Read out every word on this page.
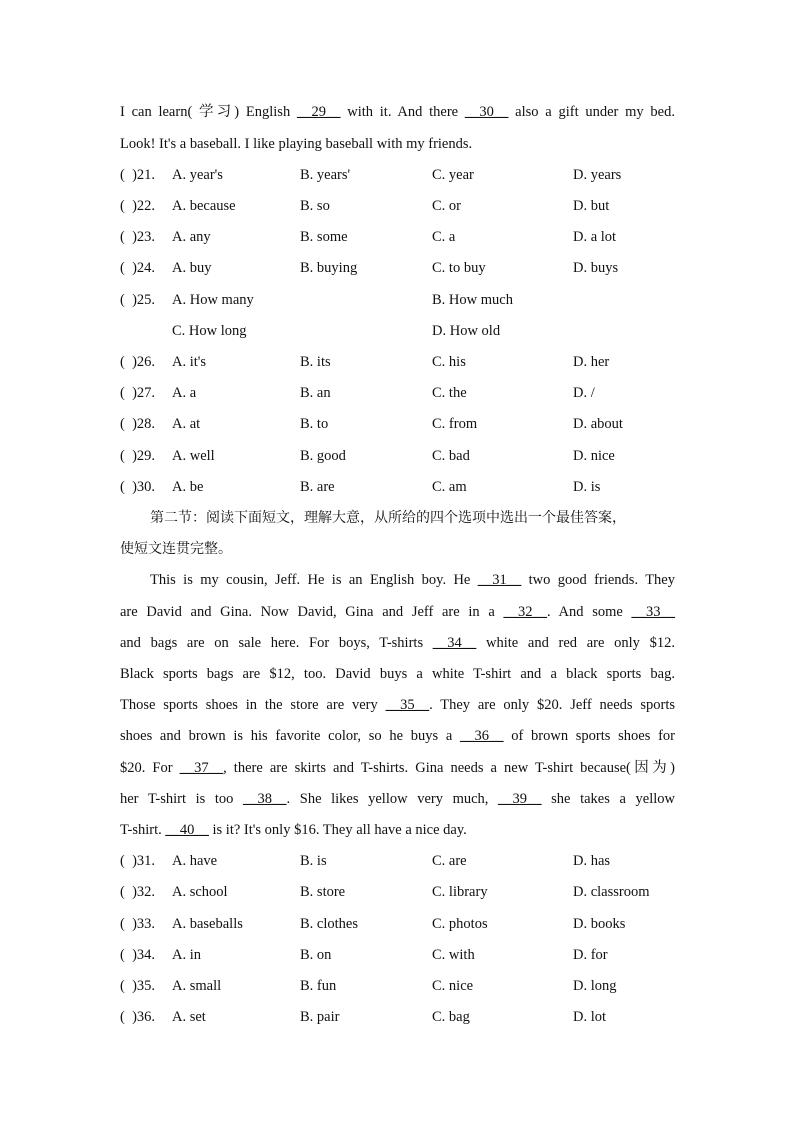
I can learn( 学习) English __29__ with it. And there __30__ also a gift under my bed.
Look! It's a baseball. I like playing baseball with my friends.
(  )21. A. year's	B. years'	C. year	D. years
(  )22. A. because	B. so	C. or	D. but
(  )23. A. any	B. some	C. a	D. a lot
(  )24. A. buy	B. buying	C. to buy	D. buys
(  )25. A. How many	B. How much
C. How long	D. How old
(  )26. A. it's	B. its	C. his	D. her
(  )27. A. a	B. an	C. the	D. /
(  )28. A. at	B. to	C. from	D. about
(  )29. A. well	B. good	C. bad	D. nice
(  )30. A. be	B. are	C. am	D. is
第二节：阅读下面短文，理解大意，从所给的四个选项中选出一个最佳答案，
使短文连贯完整。
This is my cousin, Jeff. He is an English boy. He __31__ two good friends. They
are David and Gina. Now David, Gina and Jeff are in a __32__. And some __33__
and bags are on sale here. For boys, T-shirts __34__ white and red are only $12.
Black sports bags are $12, too. David buys a white T-shirt and a black sports bag.
Those sports shoes in the store are very __35__. They are only $20. Jeff needs sports
shoes and brown is his favorite color, so he buys a __36__ of brown sports shoes for
$20. For __37__, there are skirts and T-shirts. Gina needs a new T-shirt because(因为)
her T-shirt is too __38__. She likes yellow very much, __39__ she takes a yellow
T-shirt. __40__ is it? It's only $16. They all have a nice day.
(  )31. A. have	B. is	C. are	D. has
(  )32. A. school	B. store	C. library	D. classroom
(  )33. A. baseballs	B. clothes	C. photos	D. books
(  )34. A. in	B. on	C. with	D. for
(  )35. A. small	B. fun	C. nice	D. long
(  )36. A. set	B. pair	C. bag	D. lot
